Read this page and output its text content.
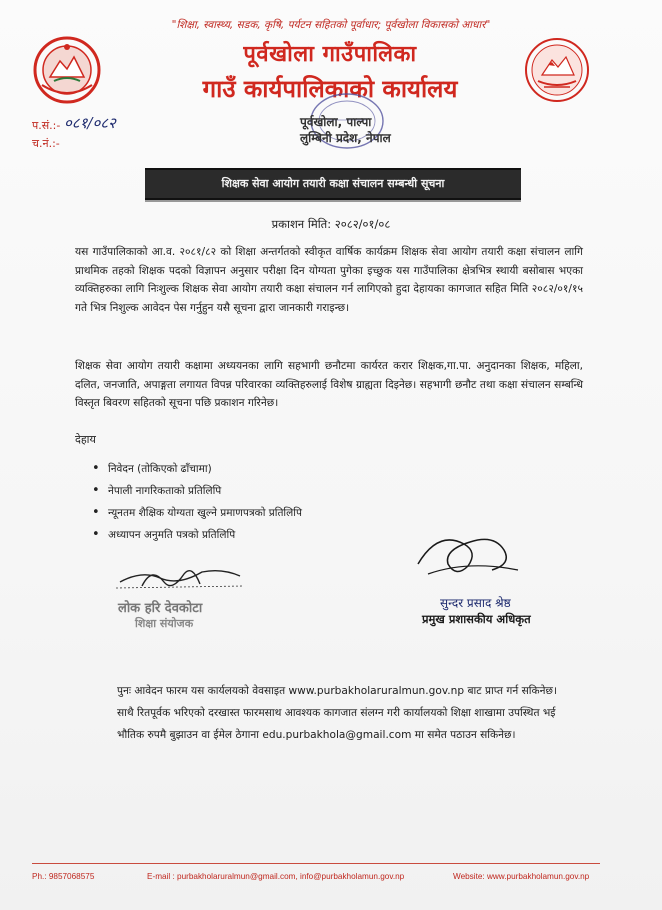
"शिक्षा, स्वास्थ्य, सडक, कृषि, पर्यटन सहितको पूर्वाधार; पूर्वखोला विकासको आधार"
पूर्वखोला गाउँपालिका
गाउँ कार्यपालिकाको कार्यालय
पूर्वखोला, पाल्पा
लुम्बिनी प्रदेश, नेपाल
प.सं.:- ०८१/०८२
च.नं.:-
शिक्षक सेवा आयोग तयारी कक्षा संचालन सम्बन्धी सूचना
प्रकाशन मिति: २०८२/०१/०८
यस गाउँपालिकाको आ.व. २०८१/८२ को शिक्षा अन्तर्गतको स्वीकृत वार्षिक कार्यक्रम शिक्षक सेवा आयोग तयारी कक्षा संचालन लागि प्राथमिक तहको शिक्षक पदको विज्ञापन अनुसार परीक्षा दिन योग्यता पुगेका इच्छुक यस गाउँपालिका क्षेत्रभित्र स्थायी बसोबास भएका व्यक्तिहरुका लागि निःशुल्क शिक्षक सेवा आयोग तयारी कक्षा संचालन गर्न लागिएको हुदा देहायका कागजात सहित मिति २०८२/०१/१५ गते भित्र निशुल्क आवेदन पेस गर्नुहुन यसै सूचना द्वारा जानकारी गराइन्छ।
शिक्षक सेवा आयोग तयारी कक्षामा अध्ययनका लागि सहभागी छनौटमा कार्यरत करार शिक्षक,गा.पा. अनुदानका शिक्षक, महिला, दलित, जनजाति, अपाङ्गता लगायत विपन्न परिवारका व्यक्तिहरुलाई विशेष ग्राह्यता दिइनेछ। सहभागी छनौट तथा कक्षा संचालन सम्बन्धि विस्तृत बिवरण सहितको सूचना पछि प्रकाशन गरिनेछ।
देहाय
• निवेदन (तोकिएको ढाँचामा)
• नेपाली नागरिकताको प्रतिलिपि
• न्यूनतम शैक्षिक योग्यता खुल्ने प्रमाणपत्रको प्रतिलिपि
• अध्यापन अनुमति पत्रको प्रतिलिपि
लोक हरि देवकोटा
शिक्षा संयोजक
सुन्दर प्रसाद श्रेष्ठ
प्रमुख प्रशासकीय अधिकृत
पुनः आवेदन फारम यस कार्यलयको वेवसाइत www.purbakholaruralmun.gov.np बाट प्राप्त गर्न सकिनेछ। साथै रितपूर्वक भरिएको दरखास्त फारमसाथ आवश्यक कागजात संलग्न गरी कार्यालयको शिक्षा शाखामा उपस्थित भई भौतिक रुपमै बुझाउन वा ईमेल ठेगाना edu.purbakhola@gmail.com मा समेत पठाउन सकिनेछ।
Ph.: 9857068575	E-mail : purbakholaruralmun@gmail.com, info@purbakholamun.gov.np	Website: www.purbakholamun.gov.np
